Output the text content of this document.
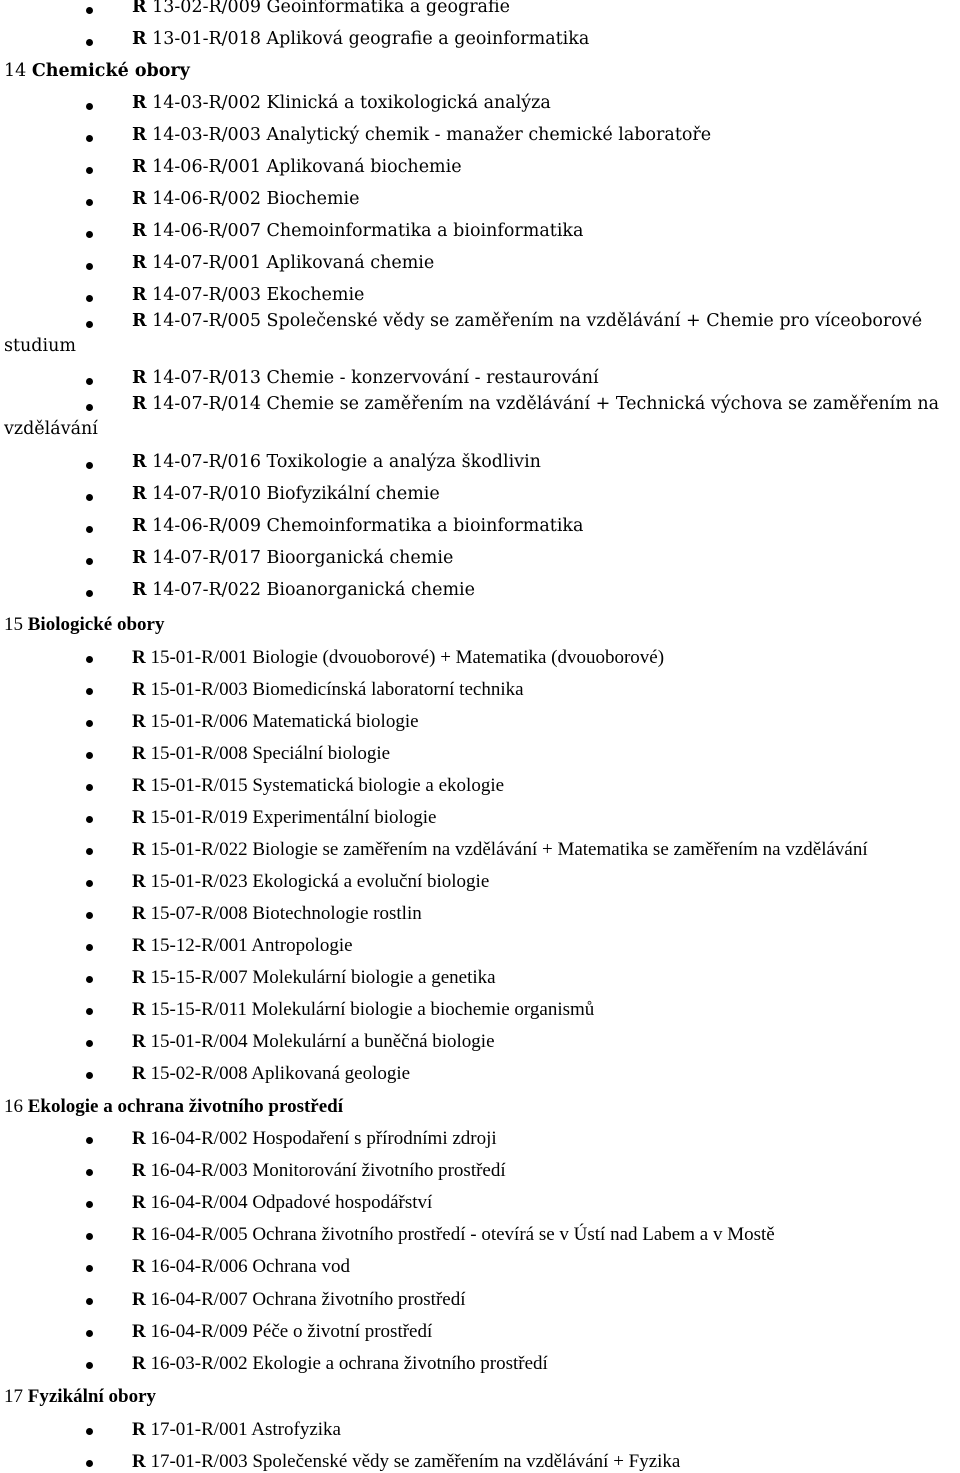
R 13-02-R/009 Geoinformatika a geografie
R 13-01-R/018 Apliková geografie a geoinformatika
14 Chemické obory
R 14-03-R/002 Klinická a toxikologická analýza
R 14-03-R/003 Analytický chemik - manažer chemické laboratoře
R 14-06-R/001 Aplikovaná biochemie
R 14-06-R/002 Biochemie
R 14-06-R/007 Chemoinformatika a bioinformatika
R 14-07-R/001 Aplikovaná chemie
R 14-07-R/003 Ekochemie
R 14-07-R/005 Společenské vědy se zaměřením na vzdělávání + Chemie pro víceoborové
studium
R 14-07-R/013 Chemie - konzervování - restaurování
R 14-07-R/014 Chemie se zaměřením na vzdělávání + Technická výchova se zaměřením na
vzdělávání
R 14-07-R/016 Toxikologie a analýza škodlivin
R 14-07-R/010 Biofyzikální chemie
R 14-06-R/009 Chemoinformatika a bioinformatika
R 14-07-R/017 Bioorganická chemie
R 14-07-R/022 Bioanorganická chemie
15 Biologické obory
R 15-01-R/001 Biologie (dvouoborové) + Matematika (dvouoborové)
R 15-01-R/003 Biomedicínská laboratorní technika
R 15-01-R/006 Matematická biologie
R 15-01-R/008 Speciální biologie
R 15-01-R/015 Systematická biologie a ekologie
R 15-01-R/019 Experimentální biologie
R 15-01-R/022 Biologie se zaměřením na vzdělávání + Matematika se zaměřením na vzdělávání
R 15-01-R/023 Ekologická a evoluční biologie
R 15-07-R/008 Biotechnologie rostlin
R 15-12-R/001 Antropologie
R 15-15-R/007 Molekulární biologie a genetika
R 15-15-R/011 Molekulární biologie a biochemie organismů
R 15-01-R/004 Molekulární a buněčná biologie
R 15-02-R/008 Aplikovaná geologie
16 Ekologie a ochrana životního prostředí
R 16-04-R/002 Hospodaření s přírodními zdroji
R 16-04-R/003 Monitorování životního prostředí
R 16-04-R/004 Odpadové hospodářství
R 16-04-R/005 Ochrana životního prostředí - otevírá se v Ústí nad Labem a v Mostě
R 16-04-R/006 Ochrana vod
R 16-04-R/007 Ochrana životního prostředí
R 16-04-R/009 Péče o životní prostředí
R 16-03-R/002 Ekologie a ochrana životního prostředí
17 Fyzikální obory
R 17-01-R/001 Astrofyzika
R 17-01-R/003 Společenské vědy se zaměřením na vzdělávání + Fyzika
